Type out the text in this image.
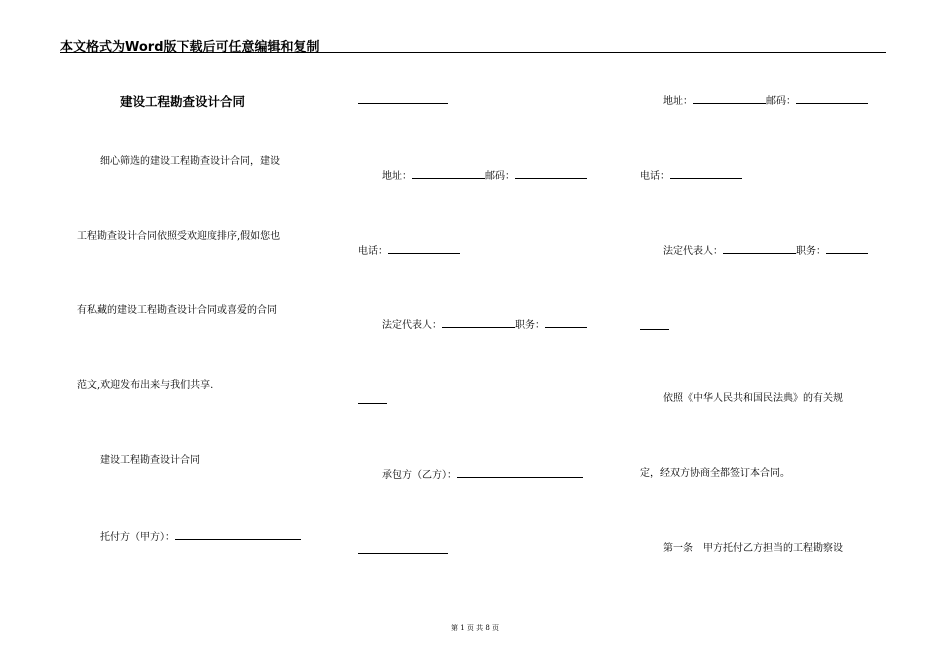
本文格式为Word版下载后可任意编辑和复制
建设工程勘查设计合同
细心筛选的建设工程勘查设计合同，建设
工程勘查设计合同依照受欢迎度排序,假如您也
有私藏的建设工程勘查设计合同或喜爱的合同
范文,欢迎发布出来与我们共享.
建设工程勘查设计合同
托付方（甲方）：
地址：	邮码：
电话：
法定代表人：	职务：
承包方（乙方）：
地址：	邮码：
电话：
法定代表人：	职务：
依照《中华人民共和国民法典》的有关规
定，经双方协商全都签订本合同。
第一条　甲方托付乙方担当的工程勘察设
第 1 页 共 8 页
